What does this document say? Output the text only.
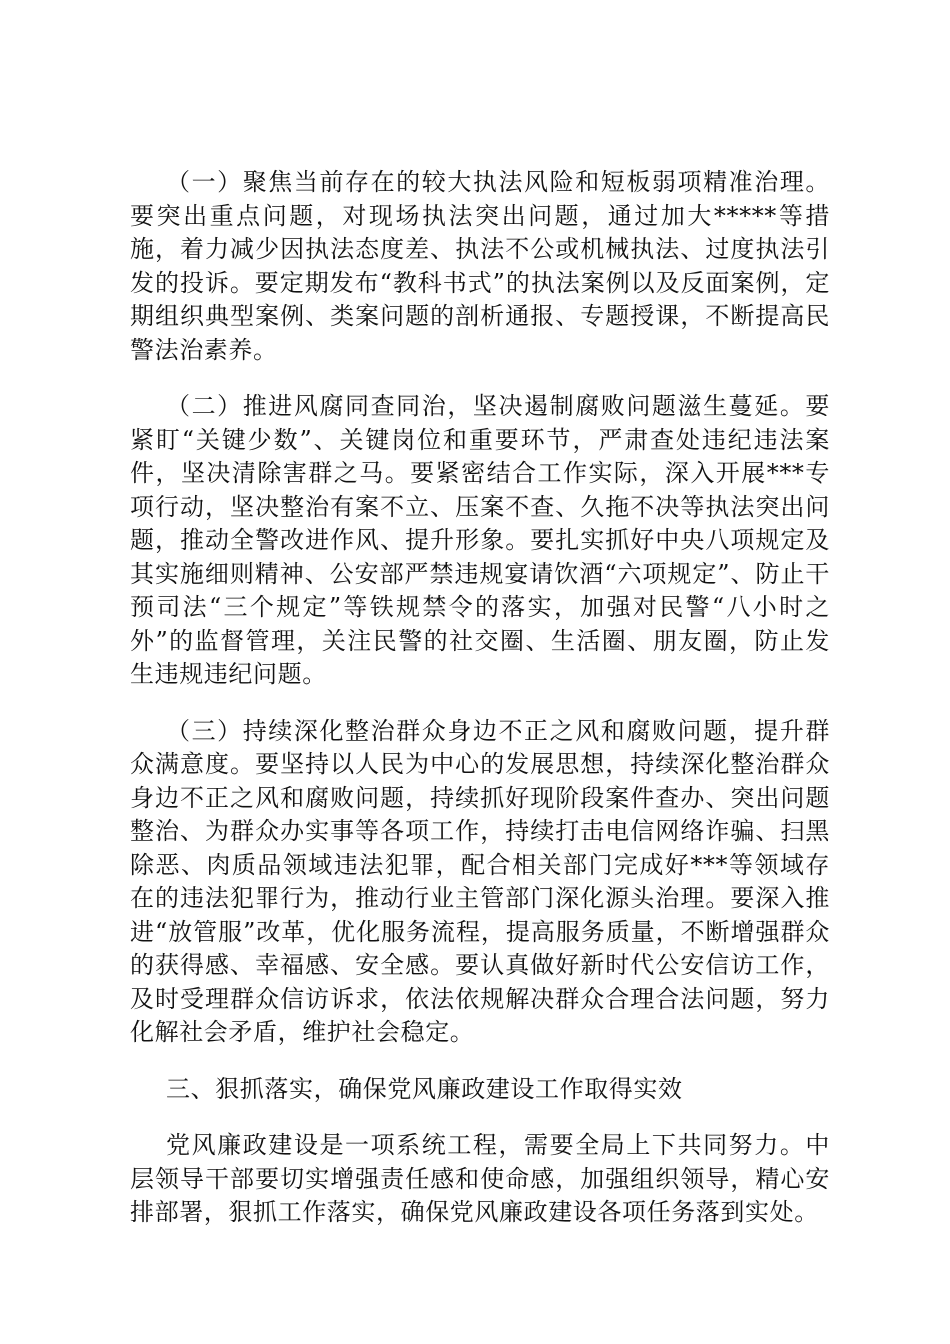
（一）聚焦当前存在的较大执法风险和短板弱项精准治理。要突出重点问题，对现场执法突出问题，通过加大*****等措施，着力减少因执法态度差、执法不公或机械执法、过度执法引发的投诉。要定期发布“教科书式”的执法案例以及反面案例，定期组织典型案例、类案问题的剖析通报、专题授课，不断提高民警法治素养。

（二）推进风腐同查同治，坚决遏制腐败问题滋生蔓延。要紧盯“关键少数”、关键岗位和重要环节，严肃查处违纪违法案件，坚决清除害群之马。要紧密结合工作实际，深入开展***专项行动，坚决整治有案不立、压案不查、久拖不决等执法突出问题，推动全警改进作风、提升形象。要扎实抓好中央八项规定及其实施细则精神、公安部严禁违规宴请饮酒“六项规定”、防止干预司法“三个规定”等铁规禁令的落实，加强对民警“八小时之外”的监督管理，关注民警的社交圈、生活圈、朋友圈，防止发生违规违纪问题。

（三）持续深化整治群众身边不正之风和腐败问题，提升群众满意度。要坚持以人民为中心的发展思想，持续深化整治群众身边不正之风和腐败问题，持续抓好现阶段案件查办、突出问题整治、为群众办实事等各项工作，持续打击电信网络诈骗、扫黑除恶、肉质品领域违法犯罪，配合相关部门完成好***等领域存在的违法犯罪行为，推动行业主管部门深化源头治理。要深入推进“放管服”改革，优化服务流程，提高服务质量，不断增强群众的获得感、幸福感、安全感。要认真做好新时代公安信访工作，及时受理群众信访诉求，依法依规解决群众合理合法问题，努力化解社会矛盾，维护社会稳定。

三、狠抓落实，确保党风廉政建设工作取得实效

党风廉政建设是一项系统工程，需要全局上下共同努力。中层领导干部要切实增强责任感和使命感，加强组织领导，精心安排部署，狠抓工作落实，确保党风廉政建设各项任务落到实处。
